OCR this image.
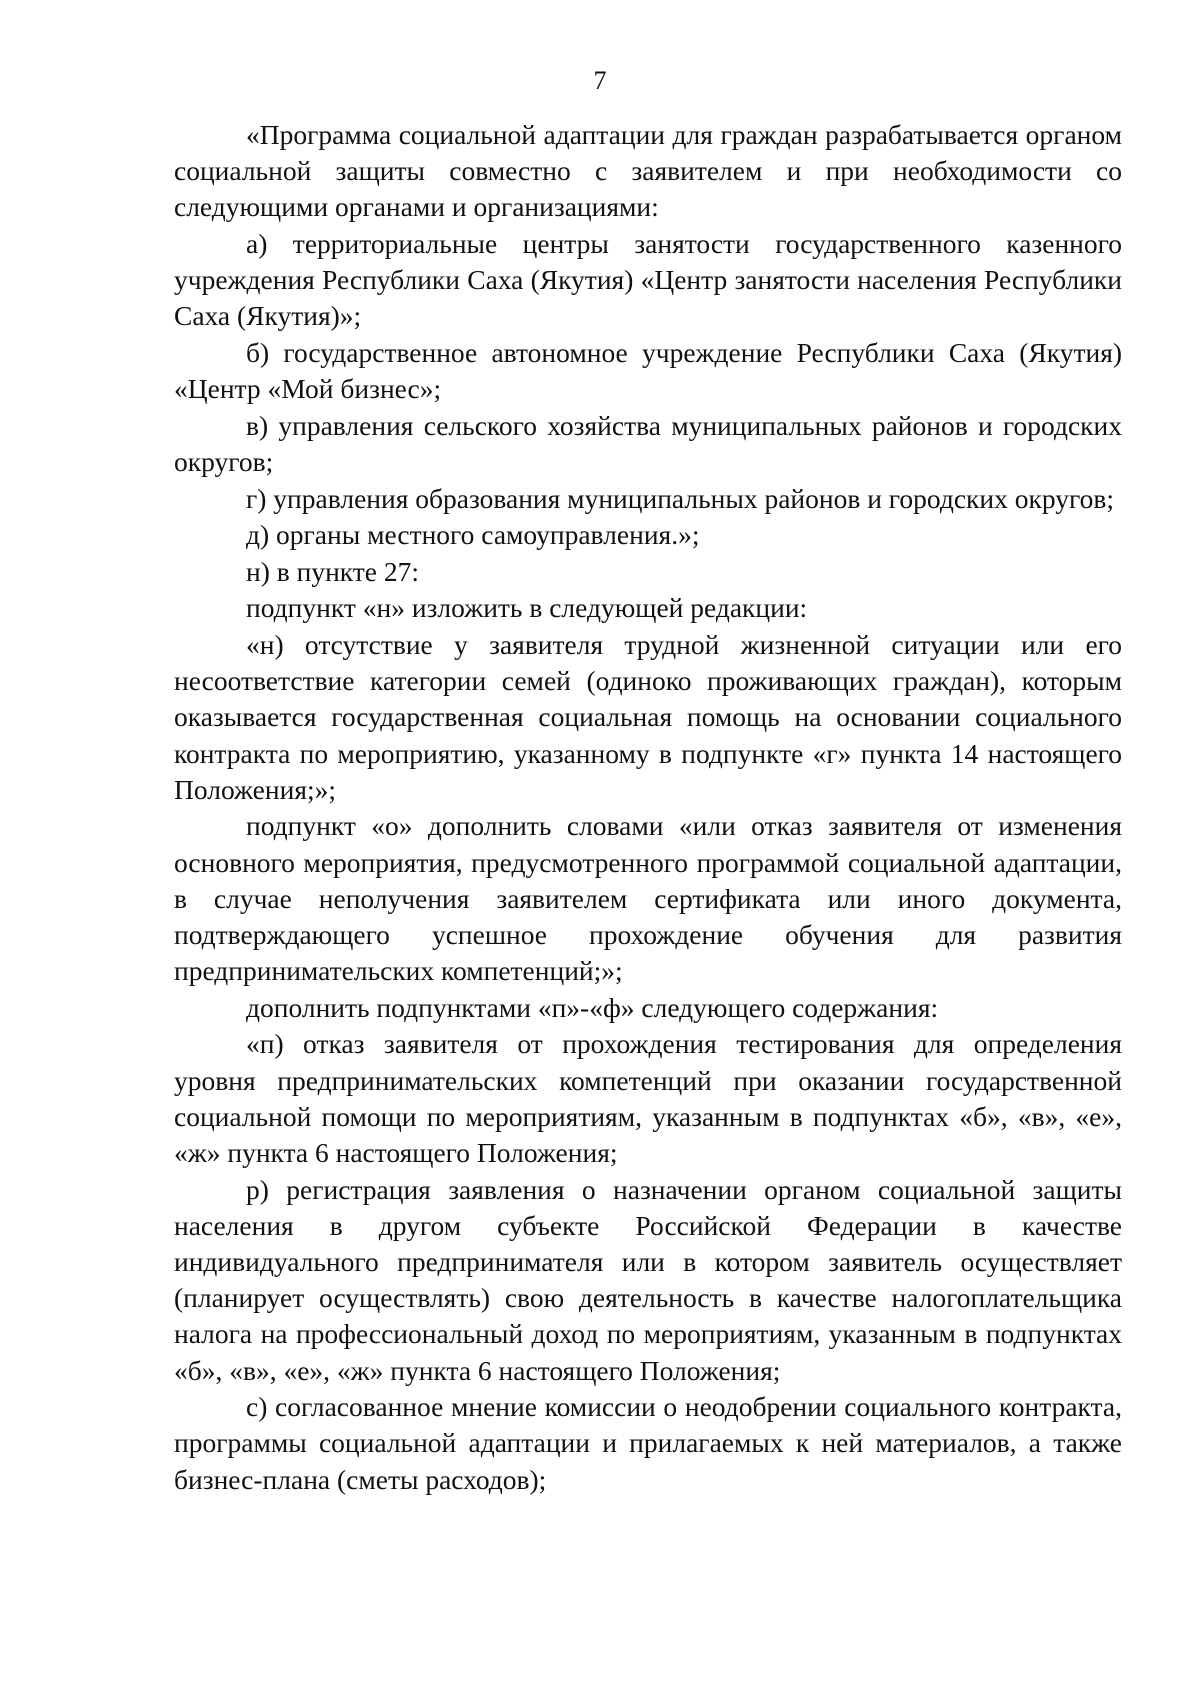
7

«Программа социальной адаптации для граждан разрабатывается органом социальной защиты совместно с заявителем и при необходимости со следующими органами и организациями:

а) территориальные центры занятости государственного казенного учреждения Республики Саха (Якутия) «Центр занятости населения Республики Саха (Якутия)»;

б) государственное автономное учреждение Республики Саха (Якутия) «Центр «Мой бизнес»;

в) управления сельского хозяйства муниципальных районов и городских округов;

г) управления образования муниципальных районов и городских округов;

д) органы местного самоуправления.»;

н) в пункте 27:

подпункт «н» изложить в следующей редакции:

«н) отсутствие у заявителя трудной жизненной ситуации или его несоответствие категории семей (одиноко проживающих граждан), которым оказывается государственная социальная помощь на основании социального контракта по мероприятию, указанному в подпункте «г» пункта 14 настоящего Положения;»;

подпункт «о» дополнить словами «или отказ заявителя от изменения основного мероприятия, предусмотренного программой социальной адаптации, в случае неполучения заявителем сертификата или иного документа, подтверждающего успешное прохождение обучения для развития предпринимательских компетенций;»;

дополнить подпунктами «п»-«ф» следующего содержания:

«п) отказ заявителя от прохождения тестирования для определения уровня предпринимательских компетенций при оказании государственной социальной помощи по мероприятиям, указанным в подпунктах «б», «в», «е», «ж» пункта 6 настоящего Положения;

р) регистрация заявления о назначении органом социальной защиты населения в другом субъекте Российской Федерации в качестве индивидуального предпринимателя или в котором заявитель осуществляет (планирует осуществлять) свою деятельность в качестве налогоплательщика налога на профессиональный доход по мероприятиям, указанным в подпунктах «б», «в», «е», «ж» пункта 6 настоящего Положения;

с) согласованное мнение комиссии о неодобрении социального контракта, программы социальной адаптации и прилагаемых к ней материалов, а также бизнес-плана (сметы расходов);
